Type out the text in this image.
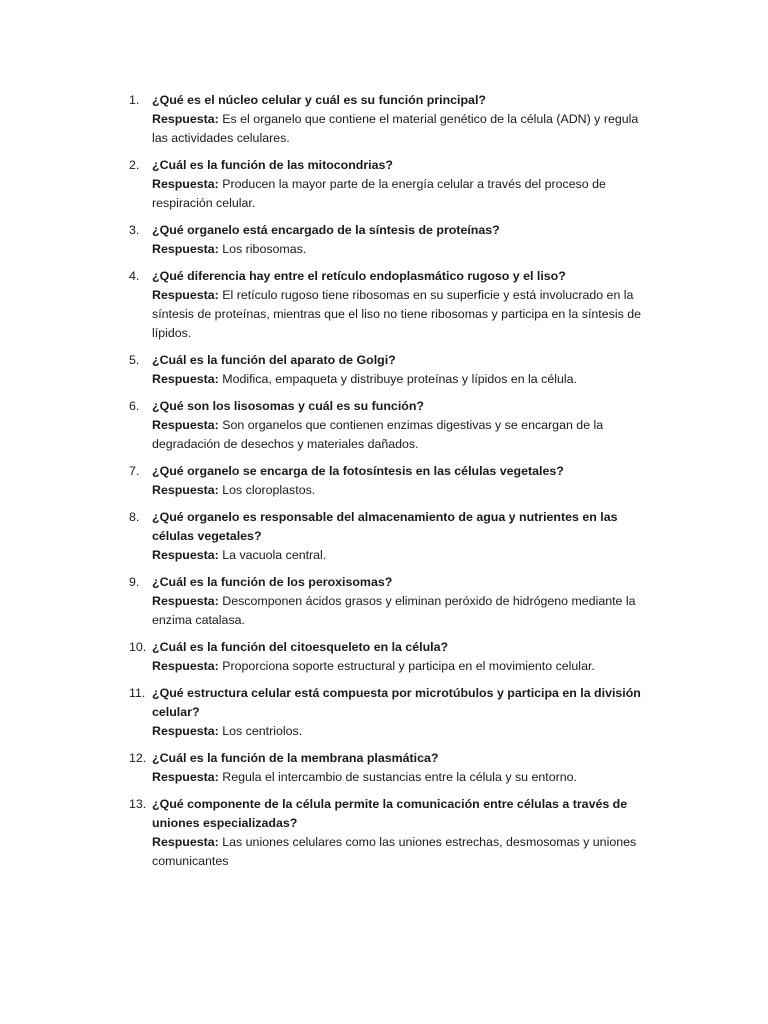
1. ¿Qué es el núcleo celular y cuál es su función principal?
Respuesta: Es el organelo que contiene el material genético de la célula (ADN) y regula las actividades celulares.
2. ¿Cuál es la función de las mitocondrias?
Respuesta: Producen la mayor parte de la energía celular a través del proceso de respiración celular.
3. ¿Qué organelo está encargado de la síntesis de proteínas?
Respuesta: Los ribosomas.
4. ¿Qué diferencia hay entre el retículo endoplasmático rugoso y el liso?
Respuesta: El retículo rugoso tiene ribosomas en su superficie y está involucrado en la síntesis de proteínas, mientras que el liso no tiene ribosomas y participa en la síntesis de lípidos.
5. ¿Cuál es la función del aparato de Golgi?
Respuesta: Modifica, empaqueta y distribuye proteínas y lípidos en la célula.
6. ¿Qué son los lisosomas y cuál es su función?
Respuesta: Son organelos que contienen enzimas digestivas y se encargan de la degradación de desechos y materiales dañados.
7. ¿Qué organelo se encarga de la fotosíntesis en las células vegetales?
Respuesta: Los cloroplastos.
8. ¿Qué organelo es responsable del almacenamiento de agua y nutrientes en las células vegetales?
Respuesta: La vacuola central.
9. ¿Cuál es la función de los peroxisomas?
Respuesta: Descomponen ácidos grasos y eliminan peróxido de hidrógeno mediante la enzima catalasa.
10. ¿Cuál es la función del citoesqueleto en la célula?
Respuesta: Proporciona soporte estructural y participa en el movimiento celular.
11. ¿Qué estructura celular está compuesta por microtúbulos y participa en la división celular?
Respuesta: Los centriolos.
12. ¿Cuál es la función de la membrana plasmática?
Respuesta: Regula el intercambio de sustancias entre la célula y su entorno.
13. ¿Qué componente de la célula permite la comunicación entre células a través de uniones especializadas?
Respuesta: Las uniones celulares como las uniones estrechas, desmosomas y uniones comunicantes
